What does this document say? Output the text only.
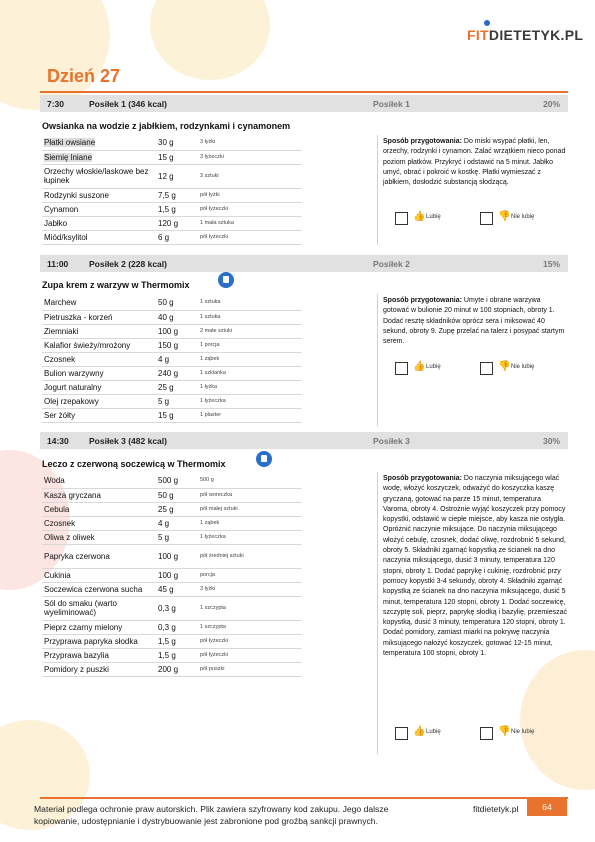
FITDIETETYK.PL
Dzień 27
7:30	Posiłek 1 (346 kcal)	Posiłek 1	20%
Owsianka na wodzie z jabłkiem, rodzynkami i cynamonem
Płatki owsiane	30 g	3 łyżki
Siemię lniane	15 g	3 łyżeczki
Orzechy włoskie/laskowe bez łupinek	12 g	3 sztuki
Rodzynki suszone	7,5 g	pół łyżki
Cynamon	1,5 g	pół łyżeczki
Jabłko	120 g	1 mała sztuka
Miód/ksylitol	6 g	pół łyżeczki
Sposób przygotowania: Do miski wsypać płatki, len, orzechy, rodzynki i cynamon. Zalać wrzątkiem nieco ponad poziom płatków. Przykryć i odstawić na 5 minut. Jabłko umyć, obrać i pokroić w kostkę. Płatki wymieszać z jabłkiem, dosłodzić substancją słodzącą.
👍 Lubię	👎 Nie lubię
11:00 Posiłek 2 (228 kcal)	Posiłek 2	15%
Zupa krem z warzyw w Thermomix
Marchew	50 g	1 sztuka
Pietruszka - korzeń	40 g	1 sztuka
Ziemniaki	100 g	2 małe sztuki
Kalafior świeży/mrożony	150 g	1 porcja
Czosnek	4 g	1 ząbek
Bulion warzywny	240 g	1 szklanka
Jogurt naturalny	25 g	1 łyżka
Olej rzepakowy	5 g	1 łyżeczka
Ser żółty	15 g	1 plaster
Sposób przygotowania: Umyte i obrane warzywa gotować w bulionie 20 minut w 100 stopniach, obroty 1. Dodać resztę składników oprócz sera i miksować 40 sekund, obroty 9. Zupę przelać na talerz i posypać startym serem.
👍 Lubię	👎 Nie lubię
14:30 Posiłek 3 (482 kcal)	Posiłek 3	30%
Leczo z czerwoną soczewicą w Thermomix
Woda	500 g	500 g
Kasza gryczana	50 g	pół woreczka
Cebula	25 g	pół małej sztuki
Czosnek	4 g	1 ząbek
Oliwa z oliwek	5 g	1 łyżeczka
Papryka czerwona	100 g	pół średniej sztuki
Cukinia	100 g	porcja
Soczewica czerwona sucha	45 g	3 łyżki
Sól do smaku (warto wyeliminować)	0,3 g	1 szczypta
Pieprz czarny mielony	0,3 g	1 szczypta
Przyprawa papryka słodka	1,5 g	pół łyżeczki
Przyprawa bazylia	1,5 g	pół łyżeczki
Pomidory z puszki	200 g	pół puszki
Sposób przygotowania: Do naczynia miksującego wlać wodę, włożyć koszyczek, odważyć do koszyczka kaszę gryczaną, gotować na parze 15 minut, temperatura Varoma, obroty 4. Ostrożnie wyjąć koszyczek przy pomocy kopystki, odstawić w ciepłe miejsce, aby kasza nie ostygła. Opróżnić naczynie miksujące. Do naczynia miksującego włożyć cebulę, czosnek, dodać oliwę, rozdrobnić 5 sekund, obroty 5. Składniki zgarnąć kopystką ze ścianek na dno naczynia miksującego, dusić 3 minuty, temperatura 120 stopni, obroty 1. Dodać paprykę i cukinię, rozdrobnić przy pomocy kopystki 3-4 sekundy, obroty 4. Składniki zgarnąć kopystką ze ścianek na dno naczynia miksującego, dusić 5 minut, temperatura 120 stopni, obroty 1. Dodać soczewicę, szczyptę soli, pieprz, paprykę słodką i bazylię, przemieszać kopystką, dusić 3 minuty, temperatura 120 stopni, obroty 1. Dodać pomidory, zamiast miarki na pokrywę naczynia miksującego nałożyć koszyczek, gotować 12-15 minut, temperatura 100 stopni, obroty 1.
👍 Lubię	👎 Nie lubię
Materiał podlega ochronie praw autorskich. Plik zawiera szyfrowany kod zakupu. Jego dalsze kopiowanie, udostępnianie i dystrybuowanie jest zabronione pod groźbą sankcji prawnych.
fitdietetyk.pl	64
